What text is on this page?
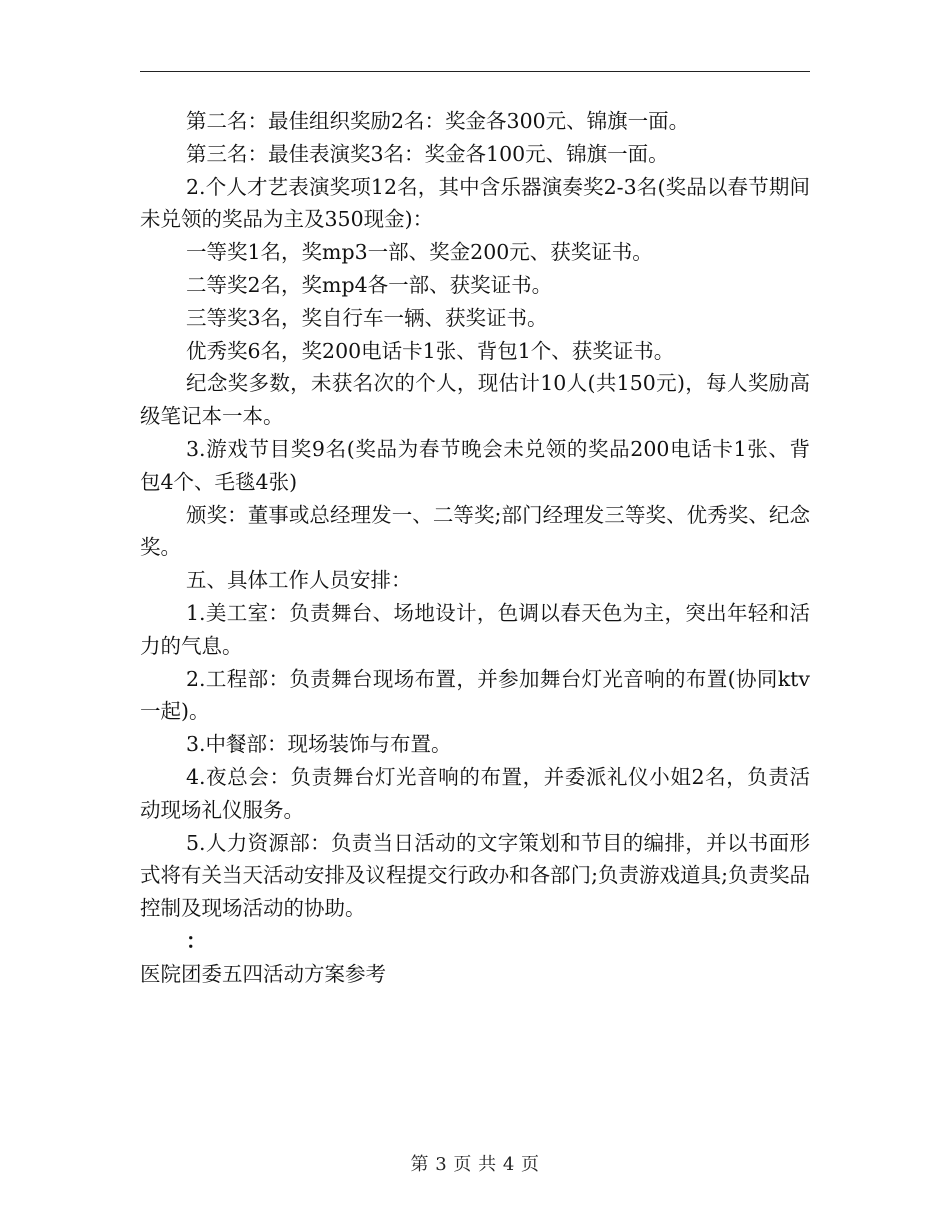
第二名：最佳组织奖励2名：奖金各300元、锦旗一面。

第三名：最佳表演奖3名：奖金各100元、锦旗一面。

2.个人才艺表演奖项12名，其中含乐器演奏奖2-3名(奖品以春节期间未兑领的奖品为主及350现金)：

一等奖1名，奖mp3一部、奖金200元、获奖证书。

二等奖2名，奖mp4各一部、获奖证书。

三等奖3名，奖自行车一辆、获奖证书。

优秀奖6名，奖200电话卡1张、背包1个、获奖证书。

纪念奖多数，未获名次的个人，现估计10人(共150元)，每人奖励高级笔记本一本。

3.游戏节目奖9名(奖品为春节晚会未兑领的奖品200电话卡1张、背包4个、毛毯4张)

颁奖：董事或总经理发一、二等奖;部门经理发三等奖、优秀奖、纪念奖。

五、具体工作人员安排：

1.美工室：负责舞台、场地设计，色调以春天色为主，突出年轻和活力的气息。

2.工程部：负责舞台现场布置，并参加舞台灯光音响的布置(协同ktv一起)。

3.中餐部：现场装饰与布置。

4.夜总会：负责舞台灯光音响的布置，并委派礼仪小姐2名，负责活动现场礼仪服务。

5.人力资源部：负责当日活动的文字策划和节目的编排，并以书面形式将有关当天活动安排及议程提交行政办和各部门;负责游戏道具;负责奖品控制及现场活动的协助。

：

医院团委五四活动方案参考

第 3 页 共 4 页
